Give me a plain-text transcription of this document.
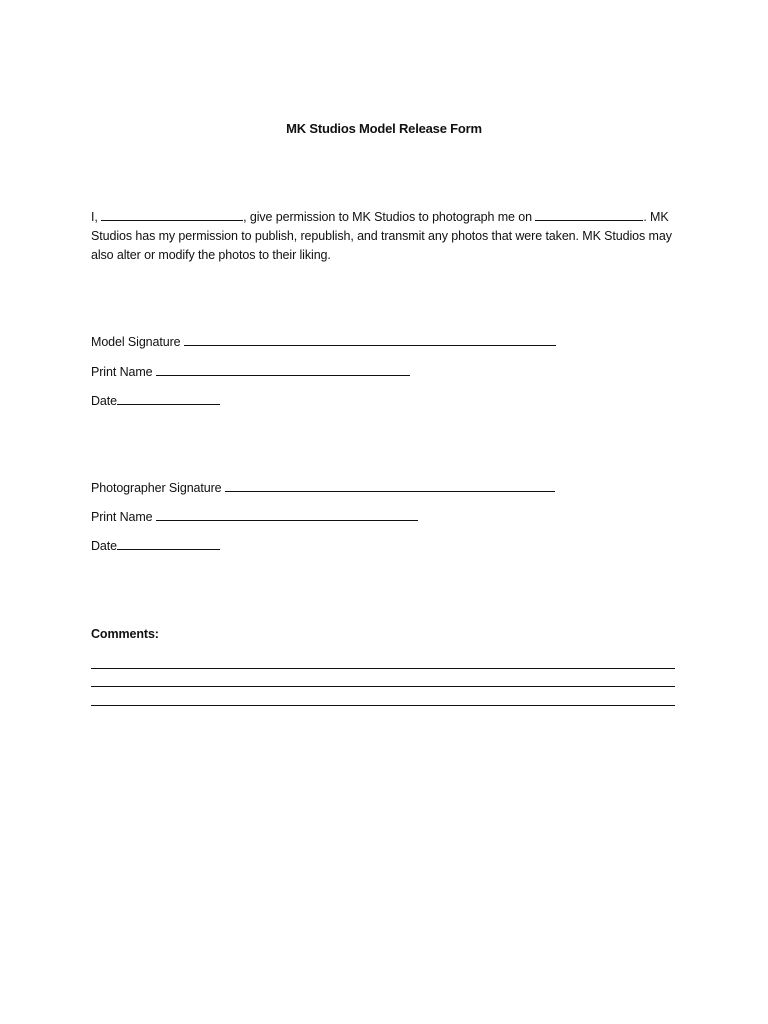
MK Studios Model Release Form
I,	, give permission to MK Studios to photograph me on	. MK Studios has my permission to publish, republish, and transmit any photos that were taken. MK Studios may also alter or modify the photos to their liking.
Model Signature
Print Name
Date
Photographer Signature
Print Name
Date
Comments:
